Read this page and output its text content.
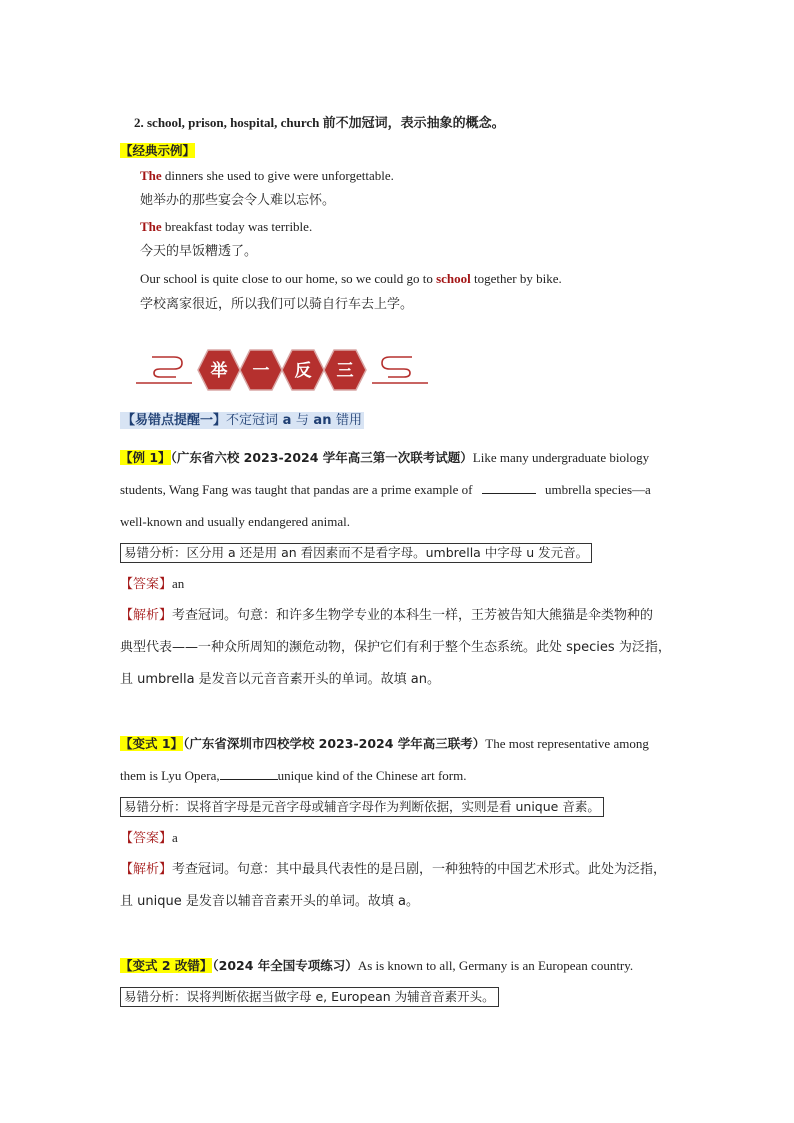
2. school, prison, hospital, church 前不加冠词，表示抽象的概念。
【经典示例】
The dinners she used to give were unforgettable.
她举办的那些宴会令人难以忘怀。
The breakfast today was terrible.
今天的早饭糟透了。
Our school is quite close to our home, so we could go to school together by bike.
学校离家很近，所以我们可以骑自行车去上学。
举 一 反 三
【易错点提醒一】不定冠词 a 与 an 错用
【例 1】（广东省六校 2023-2024 学年高三第一次联考试题）Like many undergraduate biology
students, Wang Fang was taught that pandas are a prime example of	umbrella species—a
well-known and usually endangered animal.
易错分析：区分用 a 还是用 an 看因素而不是看字母。umbrella 中字母 u 发元音。
【答案】an
【解析】考查冠词。句意：和许多生物学专业的本科生一样，王芳被告知大熊猫是伞类物种的
典型代表——一种众所周知的濒危动物，保护它们有利于整个生态系统。此处 species 为泛指，
且 umbrella 是发音以元音音素开头的单词。故填 an。
【变式 1】（广东省深圳市四校学校 2023-2024 学年高三联考）The most representative among
them is Lyu Opera,	unique kind of the Chinese art form.
易错分析：误将首字母是元音字母或辅音字母作为判断依据，实则是看 unique 音素。
【答案】a
【解析】考查冠词。句意：其中最具代表性的是吕剧，一种独特的中国艺术形式。此处为泛指，
且 unique 是发音以辅音音素开头的单词。故填 a。
【变式 2 改错】（2024 年全国专项练习）As is known to all, Germany is an European country.
易错分析：误将判断依据当做字母 e, European 为辅音音素开头。
